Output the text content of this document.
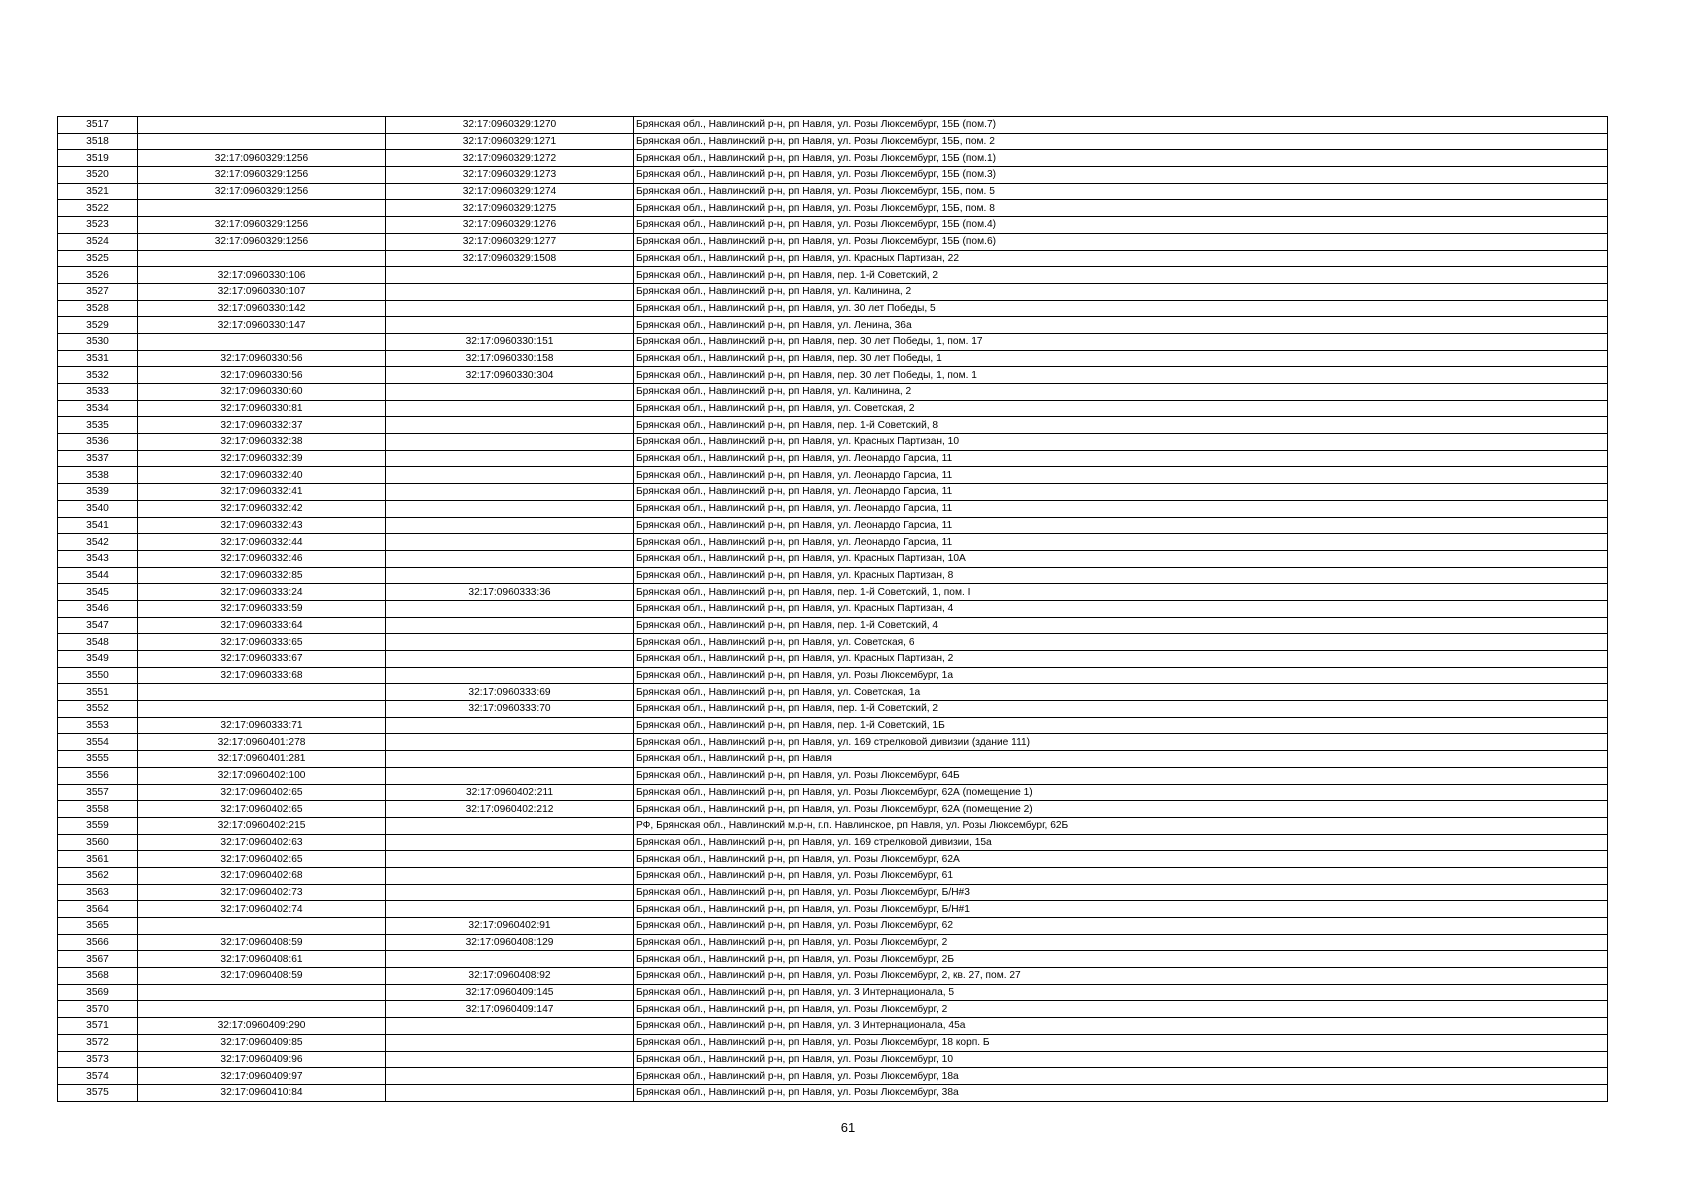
3517		32:17:0960329:1270	Брянская обл., Навлинский р-н, рп Навля, ул. Розы Люксембург, 15Б (пом.7)
3518		32:17:0960329:1271	Брянская обл., Навлинский р-н, рп Навля, ул. Розы Люксембург, 15Б, пом. 2
3519	32:17:0960329:1256	32:17:0960329:1272	Брянская обл., Навлинский р-н, рп Навля, ул. Розы Люксембург, 15Б (пом.1)
3520	32:17:0960329:1256	32:17:0960329:1273	Брянская обл., Навлинский р-н, рп Навля, ул. Розы Люксембург, 15Б (пом.3)
3521	32:17:0960329:1256	32:17:0960329:1274	Брянская обл., Навлинский р-н, рп Навля, ул. Розы Люксембург, 15Б, пом. 5
3522		32:17:0960329:1275	Брянская обл., Навлинский р-н, рп Навля, ул. Розы Люксембург, 15Б, пом. 8
3523	32:17:0960329:1256	32:17:0960329:1276	Брянская обл., Навлинский р-н, рп Навля, ул. Розы Люксембург, 15Б (пом.4)
3524	32:17:0960329:1256	32:17:0960329:1277	Брянская обл., Навлинский р-н, рп Навля, ул. Розы Люксембург, 15Б (пом.6)
3525		32:17:0960329:1508	Брянская обл., Навлинский р-н, рп Навля, ул. Красных Партизан, 22
3526	32:17:0960330:106		Брянская обл., Навлинский р-н, рп Навля, пер. 1-й Советский, 2
3527	32:17:0960330:107		Брянская обл., Навлинский р-н, рп Навля, ул. Калинина, 2
3528	32:17:0960330:142		Брянская обл., Навлинский р-н, рп Навля, ул. 30 лет Победы, 5
3529	32:17:0960330:147		Брянская обл., Навлинский р-н, рп Навля, ул. Ленина, 36а
3530		32:17:0960330:151	Брянская обл., Навлинский р-н, рп Навля, пер. 30 лет Победы, 1, пом. 17
3531	32:17:0960330:56	32:17:0960330:158	Брянская обл., Навлинский р-н, рп Навля, пер. 30 лет Победы, 1
3532	32:17:0960330:56	32:17:0960330:304	Брянская обл., Навлинский р-н, рп Навля, пер. 30 лет Победы, 1, пом. 1
3533	32:17:0960330:60		Брянская обл., Навлинский р-н, рп Навля, ул. Калинина, 2
3534	32:17:0960330:81		Брянская обл., Навлинский р-н, рп Навля, ул. Советская, 2
3535	32:17:0960332:37		Брянская обл., Навлинский р-н, рп Навля, пер. 1-й Советский, 8
3536	32:17:0960332:38		Брянская обл., Навлинский р-н, рп Навля, ул. Красных Партизан, 10
3537	32:17:0960332:39		Брянская обл., Навлинский р-н, рп Навля, ул. Леонардо Гарсиа, 11
3538	32:17:0960332:40		Брянская обл., Навлинский р-н, рп Навля, ул. Леонардо Гарсиа, 11
3539	32:17:0960332:41		Брянская обл., Навлинский р-н, рп Навля, ул. Леонардо Гарсиа, 11
3540	32:17:0960332:42		Брянская обл., Навлинский р-н, рп Навля, ул. Леонардо Гарсиа, 11
3541	32:17:0960332:43		Брянская обл., Навлинский р-н, рп Навля, ул. Леонардо Гарсиа, 11
3542	32:17:0960332:44		Брянская обл., Навлинский р-н, рп Навля, ул. Леонардо Гарсиа, 11
3543	32:17:0960332:46		Брянская обл., Навлинский р-н, рп Навля, ул. Красных Партизан, 10А
3544	32:17:0960332:85		Брянская обл., Навлинский р-н, рп Навля, ул. Красных Партизан, 8
3545	32:17:0960333:24	32:17:0960333:36	Брянская обл., Навлинский р-н, рп Навля, пер. 1-й Советский, 1, пом. I
3546	32:17:0960333:59		Брянская обл., Навлинский р-н, рп Навля, ул. Красных Партизан, 4
3547	32:17:0960333:64		Брянская обл., Навлинский р-н, рп Навля, пер. 1-й Советский, 4
3548	32:17:0960333:65		Брянская обл., Навлинский р-н, рп Навля, ул. Советская, 6
3549	32:17:0960333:67		Брянская обл., Навлинский р-н, рп Навля, ул. Красных Партизан, 2
3550	32:17:0960333:68		Брянская обл., Навлинский р-н, рп Навля, ул. Розы Люксембург, 1а
3551		32:17:0960333:69	Брянская обл., Навлинский р-н, рп Навля, ул. Советская, 1а
3552		32:17:0960333:70	Брянская обл., Навлинский р-н, рп Навля, пер. 1-й Советский, 2
3553	32:17:0960333:71		Брянская обл., Навлинский р-н, рп Навля, пер. 1-й Советский, 1Б
3554	32:17:0960401:278		Брянская обл., Навлинский р-н, рп Навля, ул. 169 стрелковой дивизии (здание 111)
3555	32:17:0960401:281		Брянская обл., Навлинский р-н, рп Навля
3556	32:17:0960402:100		Брянская обл., Навлинский р-н, рп Навля, ул. Розы Люксембург, 64Б
3557	32:17:0960402:65	32:17:0960402:211	Брянская обл., Навлинский р-н, рп Навля, ул. Розы Люксембург, 62А (помещение 1)
3558	32:17:0960402:65	32:17:0960402:212	Брянская обл., Навлинский р-н, рп Навля, ул. Розы Люксембург, 62А (помещение 2)
3559	32:17:0960402:215		РФ, Брянская обл., Навлинский м.р-н, г.п. Навлинское, рп Навля, ул. Розы Люксембург, 62Б
3560	32:17:0960402:63		Брянская обл., Навлинский р-н, рп Навля, ул. 169 стрелковой дивизии, 15а
3561	32:17:0960402:65		Брянская обл., Навлинский р-н, рп Навля, ул. Розы Люксембург, 62А
3562	32:17:0960402:68		Брянская обл., Навлинский р-н, рп Навля, ул. Розы Люксембург, 61
3563	32:17:0960402:73		Брянская обл., Навлинский р-н, рп Навля, ул. Розы Люксембург, Б/Н#3
3564	32:17:0960402:74		Брянская обл., Навлинский р-н, рп Навля, ул. Розы Люксембург, Б/Н#1
3565		32:17:0960402:91	Брянская обл., Навлинский р-н, рп Навля, ул. Розы Люксембург, 62
3566	32:17:0960408:59	32:17:0960408:129	Брянская обл., Навлинский р-н, рп Навля, ул. Розы Люксембург, 2
3567	32:17:0960408:61		Брянская обл., Навлинский р-н, рп Навля, ул. Розы Люксембург, 2Б
3568	32:17:0960408:59	32:17:0960408:92	Брянская обл., Навлинский р-н, рп Навля, ул. Розы Люксембург, 2, кв. 27, пом. 27
3569		32:17:0960409:145	Брянская обл., Навлинский р-н, рп Навля, ул. 3 Интернационала, 5
3570		32:17:0960409:147	Брянская обл., Навлинский р-н, рп Навля, ул. Розы Люксембург, 2
3571	32:17:0960409:290		Брянская обл., Навлинский р-н, рп Навля, ул. 3 Интернационала, 45а
3572	32:17:0960409:85		Брянская обл., Навлинский р-н, рп Навля, ул. Розы Люксембург, 18 корп. Б
3573	32:17:0960409:96		Брянская обл., Навлинский р-н, рп Навля, ул. Розы Люксембург, 10
3574	32:17:0960409:97		Брянская обл., Навлинский р-н, рп Навля, ул. Розы Люксембург, 18а
3575	32:17:0960410:84		Брянская обл., Навлинский р-н, рп Навля, ул. Розы Люксембург, 38а
61
